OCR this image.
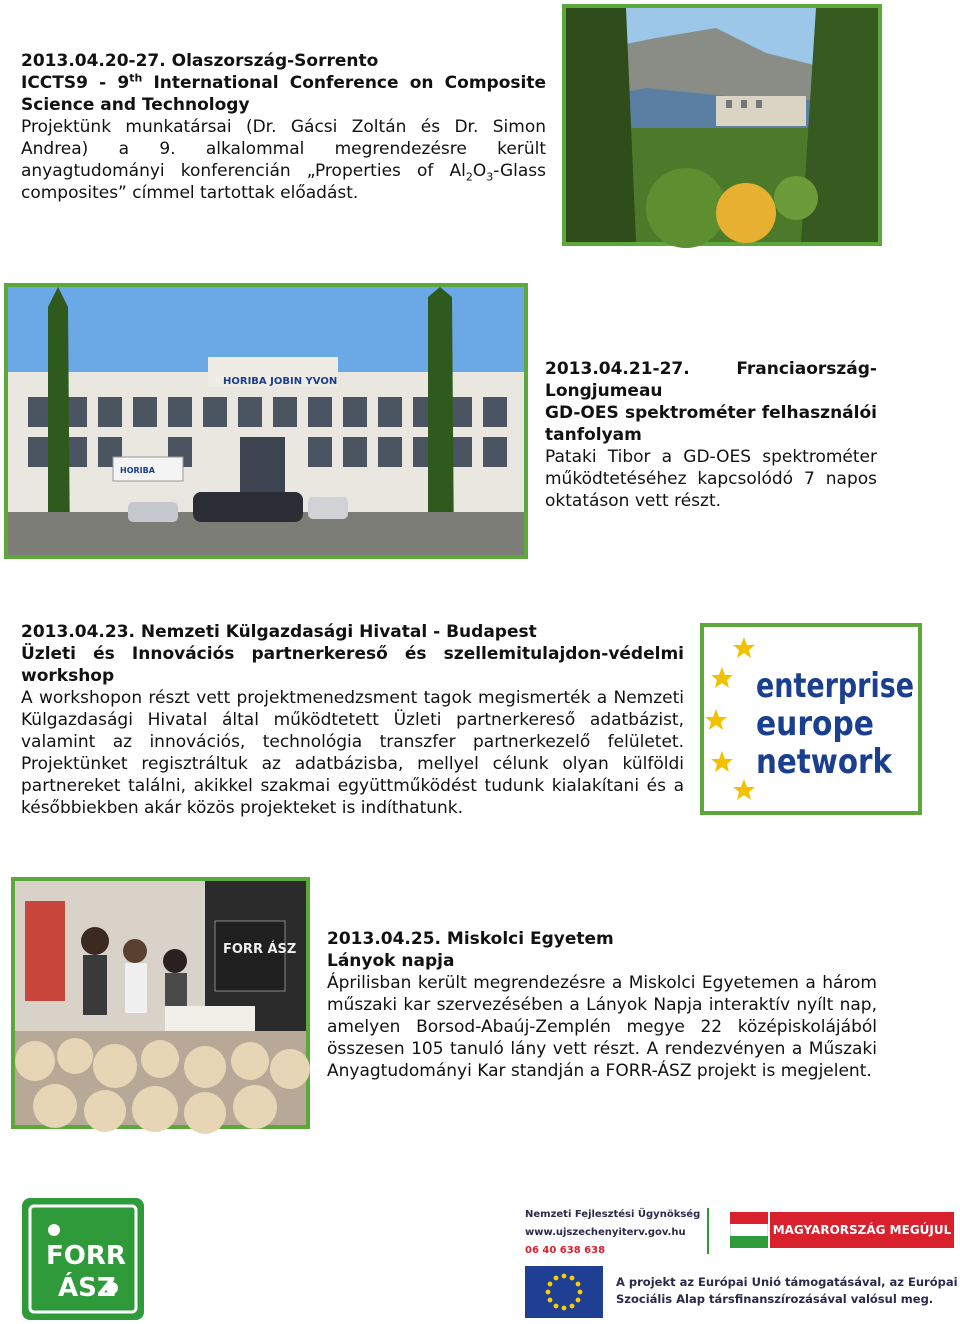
2013.04.20-27. Olaszország-Sorrento
ICCTS9 - 9th International Conference on Composite Science and Technology

Projektünk munkatársai (Dr. Gácsi Zoltán és Dr. Simon Andrea) a 9. alkalommal megrendezésre került anyagtudományi konferencián „Properties of $Al_2O_3$-Glass composites” címmel tartottak előadást.

HORIBA JOBIN YVON
HORIBA
2013.04.21-27. Franciaország-Longjumeau
GD-OES spektrométer felhasználói tanfolyam

Pataki Tibor a GD-OES spektrométer működtetéséhez kapcsolódó 7 napos oktatáson vett részt.

2013.04.23. Nemzeti Külgazdasági Hivatal - Budapest
Üzleti és Innovációs partnerkereső és szellemitulajdon-védelmi workshop

A workshopon részt vett projektmenedzsment tagok megismerték a Nemzeti Külgazdasági Hivatal által működtetett Üzleti partnerkereső adatbázist, valamint az innovációs, technológia transzfer partnerkezelő felületet. Projektünket regisztráltuk az adatbázisba, mellyel célunk olyan külföldi partnereket találni, akikkel szakmai együttműködést tudunk kialakítani és a későbbiekben akár közös projekteket is indíthatunk.

enterprise
europe
network
FORR ÁSZ
2013.04.25. Miskolci Egyetem
Lányok napja

Áprilisban került megrendezésre a Miskolci Egyetemen a három műszaki kar szervezésében a Lányok Napja interaktív nyílt nap, amelyen Borsod-Abaúj-Zemplén megye 22 középiskolájából összesen 105 tanuló lány vett részt. A rendezvényen a Műszaki Anyagtudományi Kar standján a FORR-ÁSZ projekt is megjelent.

FORR
ÁSZ
Nemzeti Fejlesztési Ügynökség
www.ujszechenyiterv.gov.hu
06 40 638 638
MAGYARORSZÁG MEGÚJUL
A projekt az Európai Unió támogatásával, az Európai
Szociális Alap társfinanszírozásával valósul meg.
